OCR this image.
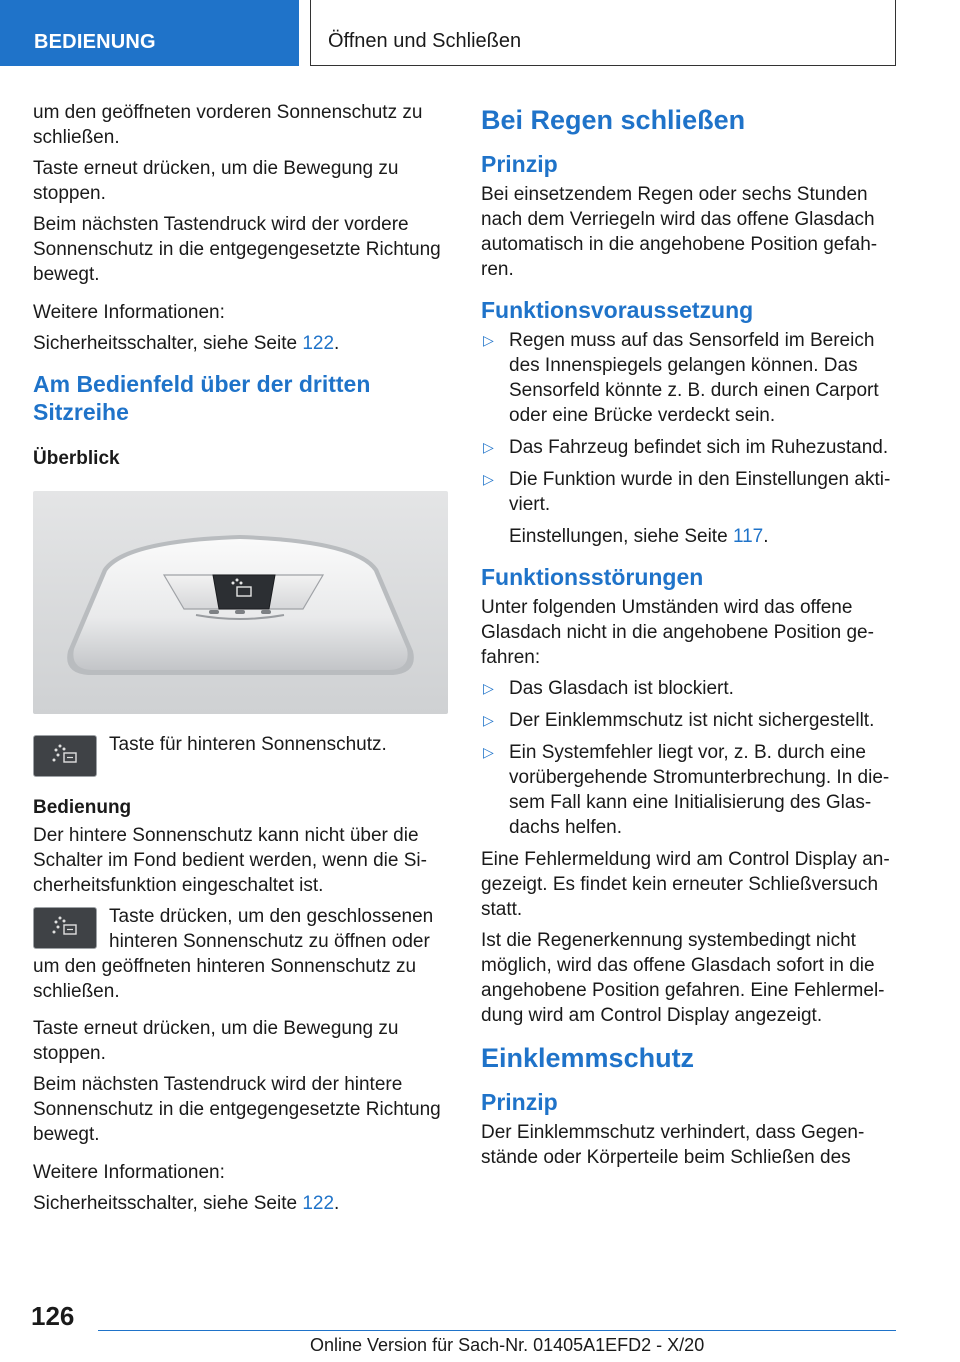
BEDIENUNG	Öffnen und Schließen

um den geöffneten vorderen Sonnenschutz zu schließen.

Taste erneut drücken, um die Bewegung zu stoppen.

Beim nächsten Tastendruck wird der vordere Sonnenschutz in die entgegengesetzte Richtung bewegt.

Weitere Informationen:

Sicherheitsschalter, siehe Seite 122.

Am Bedienfeld über der dritten Sitzreihe
Überblick

Taste für hinteren Sonnenschutz.

Bedienung

Der hintere Sonnenschutz kann nicht über die Schalter im Fond bedient werden, wenn die Sicherheitsfunktion eingeschaltet ist.

Taste drücken, um den geschlossenen hinteren Sonnenschutz zu öffnen oder um den geöffneten hinteren Sonnenschutz zu schließen.

Taste erneut drücken, um die Bewegung zu stoppen.

Beim nächsten Tastendruck wird der hintere Sonnenschutz in die entgegengesetzte Richtung bewegt.

Weitere Informationen:

Sicherheitsschalter, siehe Seite 122.

Bei Regen schließen
Prinzip

Bei einsetzendem Regen oder sechs Stunden nach dem Verriegeln wird das offene Glasdach automatisch in die angehobene Position gefahren.

Funktionsvoraussetzung
▷ Regen muss auf das Sensorfeld im Bereich des Innenspiegels gelangen können. Das Sensorfeld könnte z. B. durch einen Carport oder eine Brücke verdeckt sein.
▷ Das Fahrzeug befindet sich im Ruhezustand.
▷ Die Funktion wurde in den Einstellungen aktiviert.

Einstellungen, siehe Seite 117.

Funktionsstörungen

Unter folgenden Umständen wird das offene Glasdach nicht in die angehobene Position gefahren:

▷ Das Glasdach ist blockiert.
▷ Der Einklemmschutz ist nicht sichergestellt.
▷ Ein Systemfehler liegt vor, z. B. durch eine vorübergehende Stromunterbrechung. In diesem Fall kann eine Initialisierung des Glasdachs helfen.

Eine Fehlermeldung wird am Control Display angezeigt. Es findet kein erneuter Schließversuch statt.

Ist die Regenerkennung systembedingt nicht möglich, wird das offene Glasdach sofort in die angehobene Position gefahren. Eine Fehlermeldung wird am Control Display angezeigt.

Einklemmschutz
Prinzip

Der Einklemmschutz verhindert, dass Gegenstände oder Körperteile beim Schließen des

126
Online Version für Sach-Nr. 01405A1EFD2 - X/20
